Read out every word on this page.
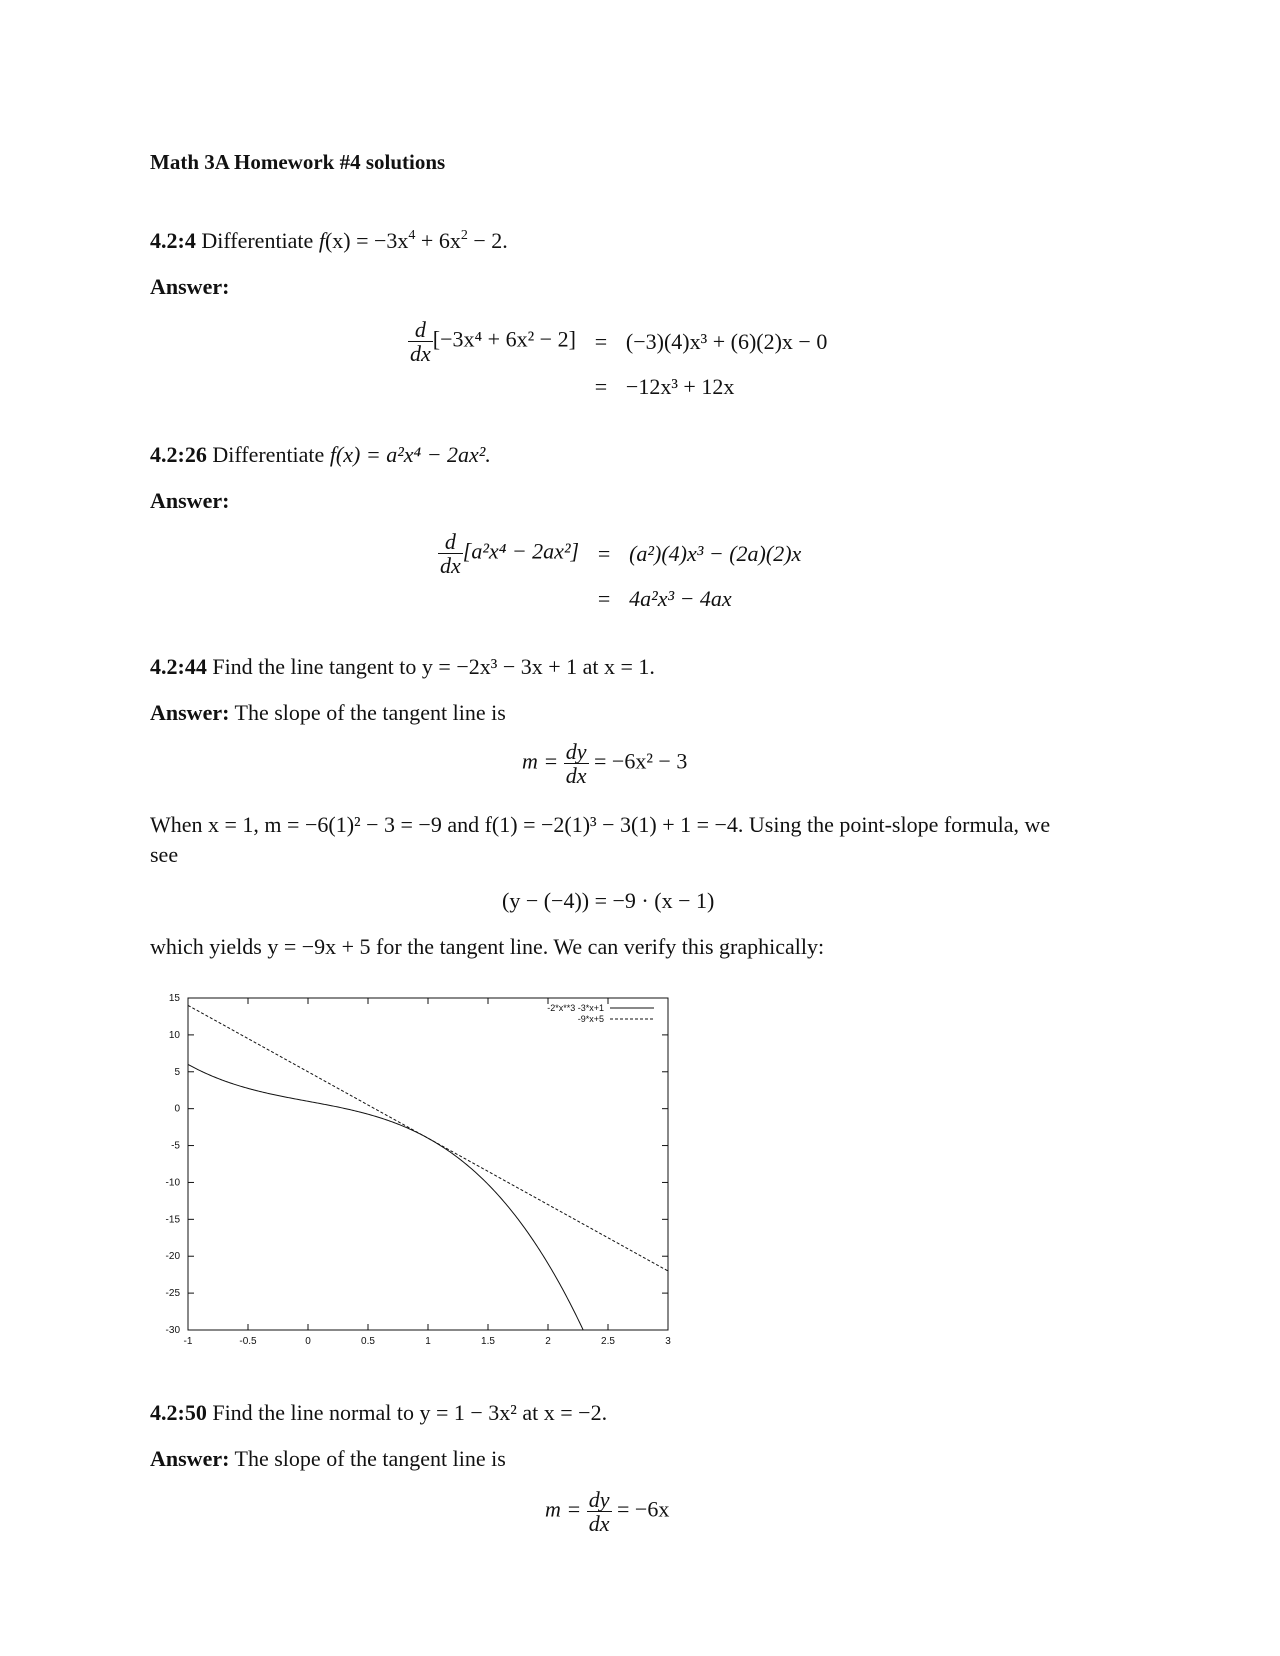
Math 3A Homework #4 solutions
4.2:4 Differentiate $f(x) = -3x^4 + 6x^2 - 2$.
Answer:
$\frac{d}{dx} [-3x^4 + 6x^2 - 2]$	=	(−3)(4)x³ + (6)(2)x − 0
	=	−12x³ + 12x
4.2:26 Differentiate f(x) = a²x⁴ − 2ax².
Answer:
$\frac{d}{dx} [a^2x^4 - 2ax^2]$	=	(a²)(4)x³ − (2a)(2)x
	=	4a²x³ − 4ax
4.2:44 Find the line tangent to y = −2x³ − 3x + 1 at x = 1.
Answer: The slope of the tangent line is
$m = \frac{dy}{dx} = -6x^2 - 3$
When x = 1, m = −6(1)² − 3 = −9 and f(1) = −2(1)³ − 3(1) + 1 = −4. Using the point-slope formula, we
see
(y − (−4)) = −9 · (x − 1)
which yields y = −9x + 5 for the tangent line. We can verify this graphically:
-1	-0.5	0	0.5	1	1.5	2	2.5	3
15
10
5
0
-5
-10
-15
-20
-25
-30
-2*x**3 -3*x+1
-9*x+5
4.2:50 Find the line normal to y = 1 − 3x² at x = −2.
Answer: The slope of the tangent line is
$m = \frac{dy}{dx} = -6x$
